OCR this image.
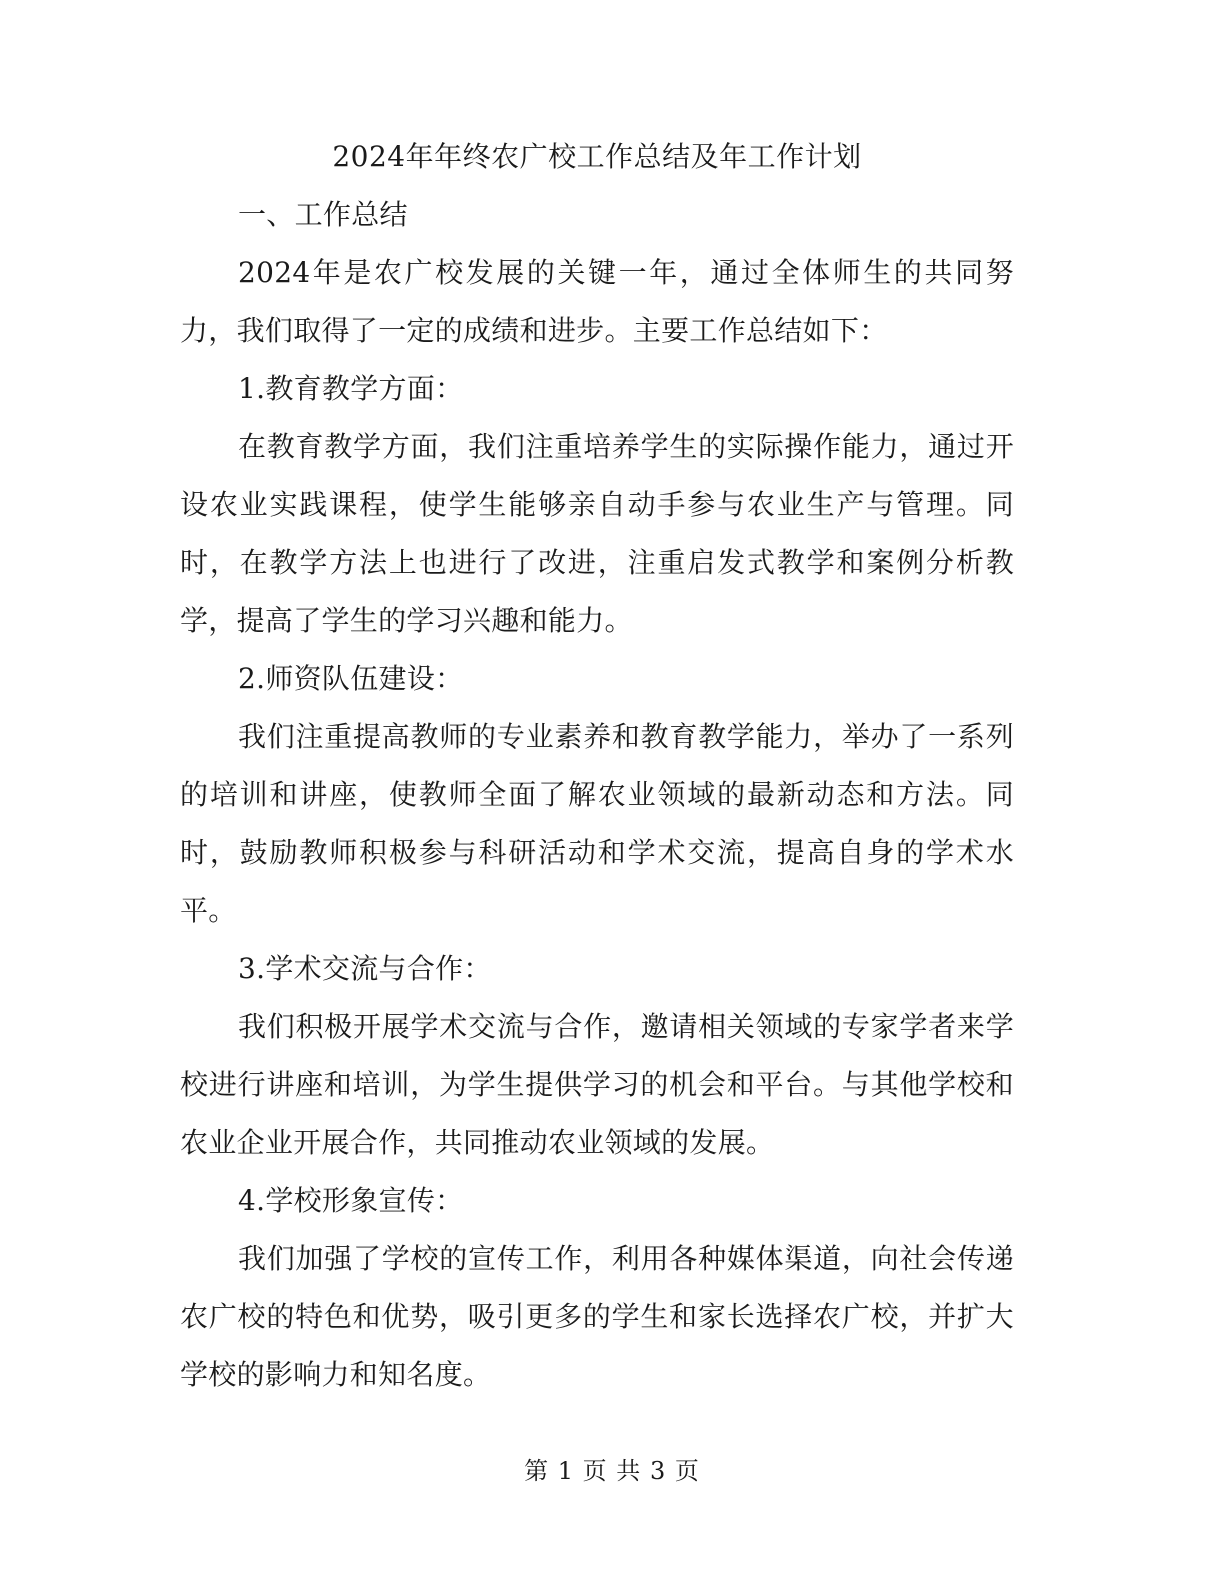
2024年年终农广校工作总结及年工作计划

一、工作总结

2024年是农广校发展的关键一年，通过全体师生的共同努力，我们取得了一定的成绩和进步。主要工作总结如下：

1.教育教学方面：

在教育教学方面，我们注重培养学生的实际操作能力，通过开设农业实践课程，使学生能够亲自动手参与农业生产与管理。同时，在教学方法上也进行了改进，注重启发式教学和案例分析教学，提高了学生的学习兴趣和能力。

2.师资队伍建设：

我们注重提高教师的专业素养和教育教学能力，举办了一系列的培训和讲座，使教师全面了解农业领域的最新动态和方法。同时，鼓励教师积极参与科研活动和学术交流，提高自身的学术水平。

3.学术交流与合作：

我们积极开展学术交流与合作，邀请相关领域的专家学者来学校进行讲座和培训，为学生提供学习的机会和平台。与其他学校和农业企业开展合作，共同推动农业领域的发展。

4.学校形象宣传：

我们加强了学校的宣传工作，利用各种媒体渠道，向社会传递农广校的特色和优势，吸引更多的学生和家长选择农广校，并扩大学校的影响力和知名度。

第 1 页 共 3 页
